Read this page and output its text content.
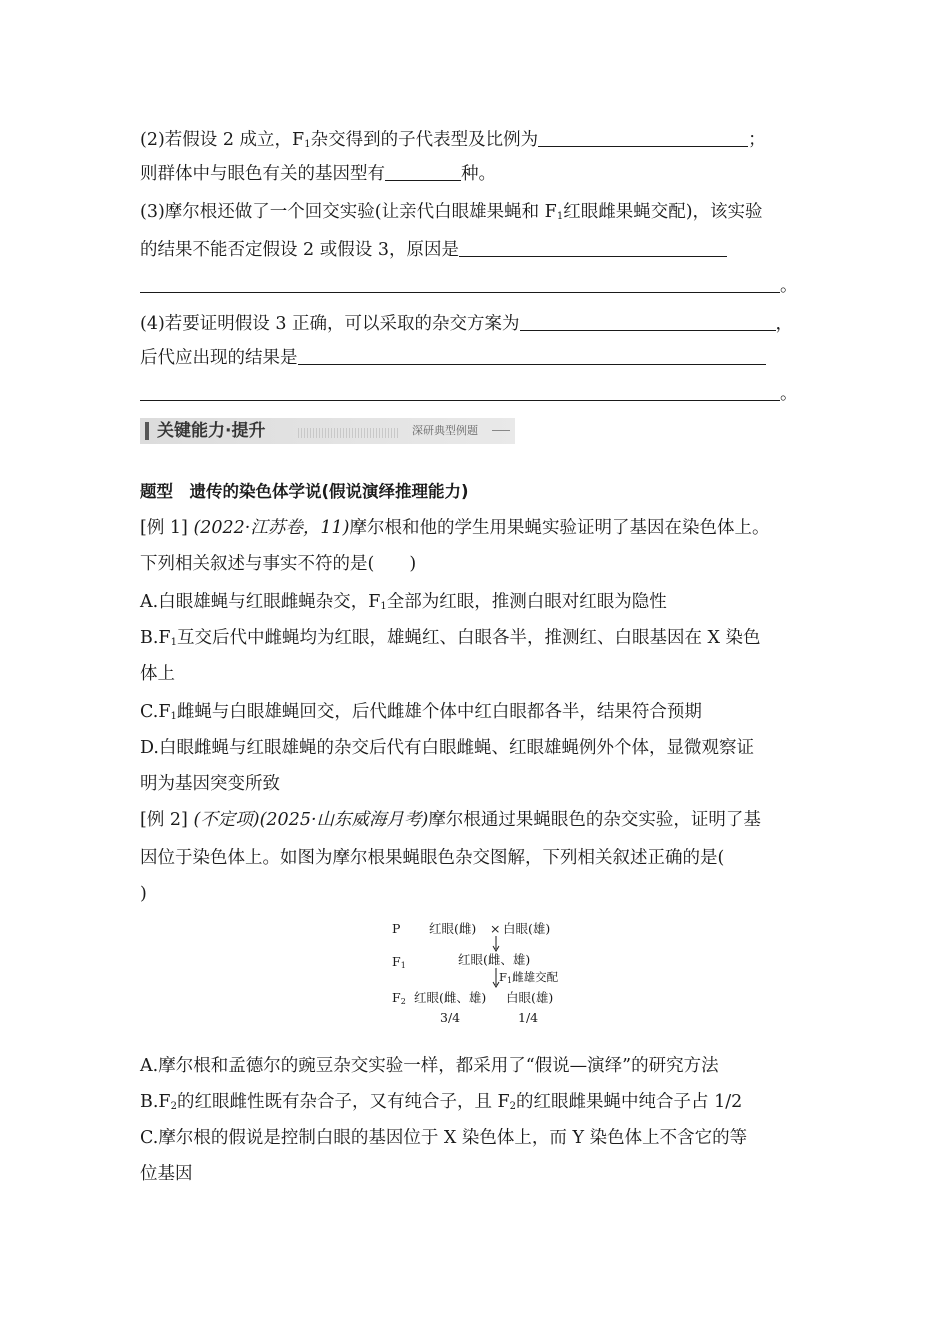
(2)若假设 2 成立，$F_1$杂交得到的子代表型及比例为	；
则群体中与眼色有关的基因型有	种。
(3)摩尔根还做了一个回交实验(让亲代白眼雄果蝇和 $F_1$红眼雌果蝇交配)，该实验
的结果不能否定假设 2 或假设 3，原因是
。
(4)若要证明假设 3 正确，可以采取的杂交方案为	，
后代应出现的结果是
。
关键能力·提升	深研典型例题
题型　 遗传的染色体学说(假说演绎推理能力)
[例 1] (2022·江苏卷，11)摩尔根和他的学生用果蝇实验证明了基因在染色体上。
下列相关叙述与事实不符的是(　　)
A.白眼雄蝇与红眼雌蝇杂交，$F_1$全部为红眼，推测白眼对红眼为隐性
$B.F_1$互交后代中雌蝇均为红眼，雄蝇红、白眼各半，推测红、白眼基因在 X 染色
体上
$C.F_1$雌蝇与白眼雄蝇回交，后代雌雄个体中红白眼都各半，结果符合预期
D.白眼雌蝇与红眼雄蝇的杂交后代有白眼雌蝇、红眼雄蝇例外个体，显微观察证
明为基因突变所致
[例 2] (不定项)(2025·山东威海月考)摩尔根通过果蝇眼色的杂交实验，证明了基
因位于染色体上。如图为摩尔根果蝇眼色杂交图解，下列相关叙述正确的是(
)
P 红眼(雌) × 白眼(雄)
$F_1$	红眼(雌、雄)
$F_1$雌雄交配
$F_2$ 红眼(雌、雄) 白眼(雄)
3/4	1/4
A.摩尔根和孟德尔的豌豆杂交实验一样，都采用了“假说—演绎”的研究方法
$B.F_2$的红眼雌性既有杂合子，又有纯合子，且 $F_2$的红眼雌果蝇中纯合子占 1/2
C.摩尔根的假说是控制白眼的基因位于 X 染色体上，而 Y 染色体上不含它的等
位基因
